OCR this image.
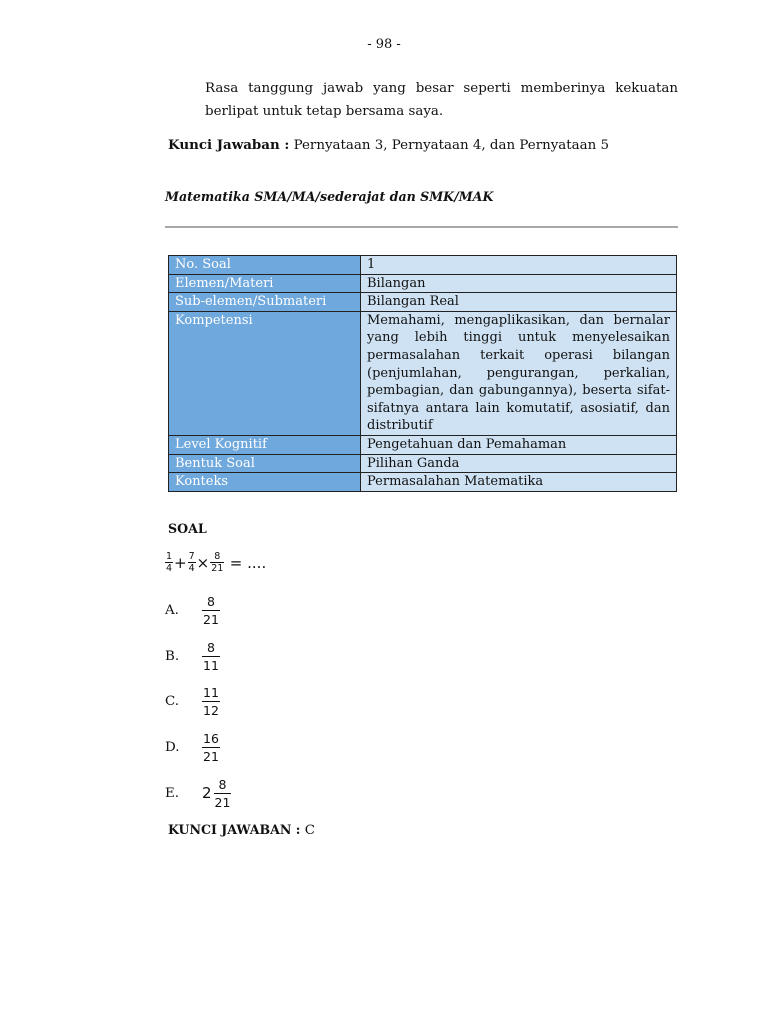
- 98 -
Rasa tanggung jawab yang besar seperti memberinya kekuatan berlipat untuk tetap bersama saya.
Kunci Jawaban : Pernyataan 3, Pernyataan 4, dan Pernyataan 5
Matematika SMA/MA/sederajat dan SMK/MAK
No. Soal	1
Elemen/Materi	Bilangan
Sub-elemen/Submateri	Bilangan Real
Kompetensi	Memahami, mengaplikasikan, dan bernalar yang lebih tinggi untuk menyelesaikan permasalahan terkait operasi bilangan (penjumlahan, pengurangan, perkalian, pembagian, dan gabungannya), beserta sifat-sifatnya antara lain komutatif, asosiatif, dan distributif
Level Kognitif	Pengetahuan dan Pemahaman
Bentuk Soal	Pilihan Ganda
Konteks	Permasalahan Matematika
SOAL
$\frac{1}{4} + \frac{7}{4} \times \frac{8}{21}$ = ....
A. $\frac{8}{21}$
B. $\frac{8}{11}$
C. $\frac{11}{12}$
D. $\frac{16}{21}$
E. $2 \frac{8}{21}$
KUNCI JAWABAN : C
